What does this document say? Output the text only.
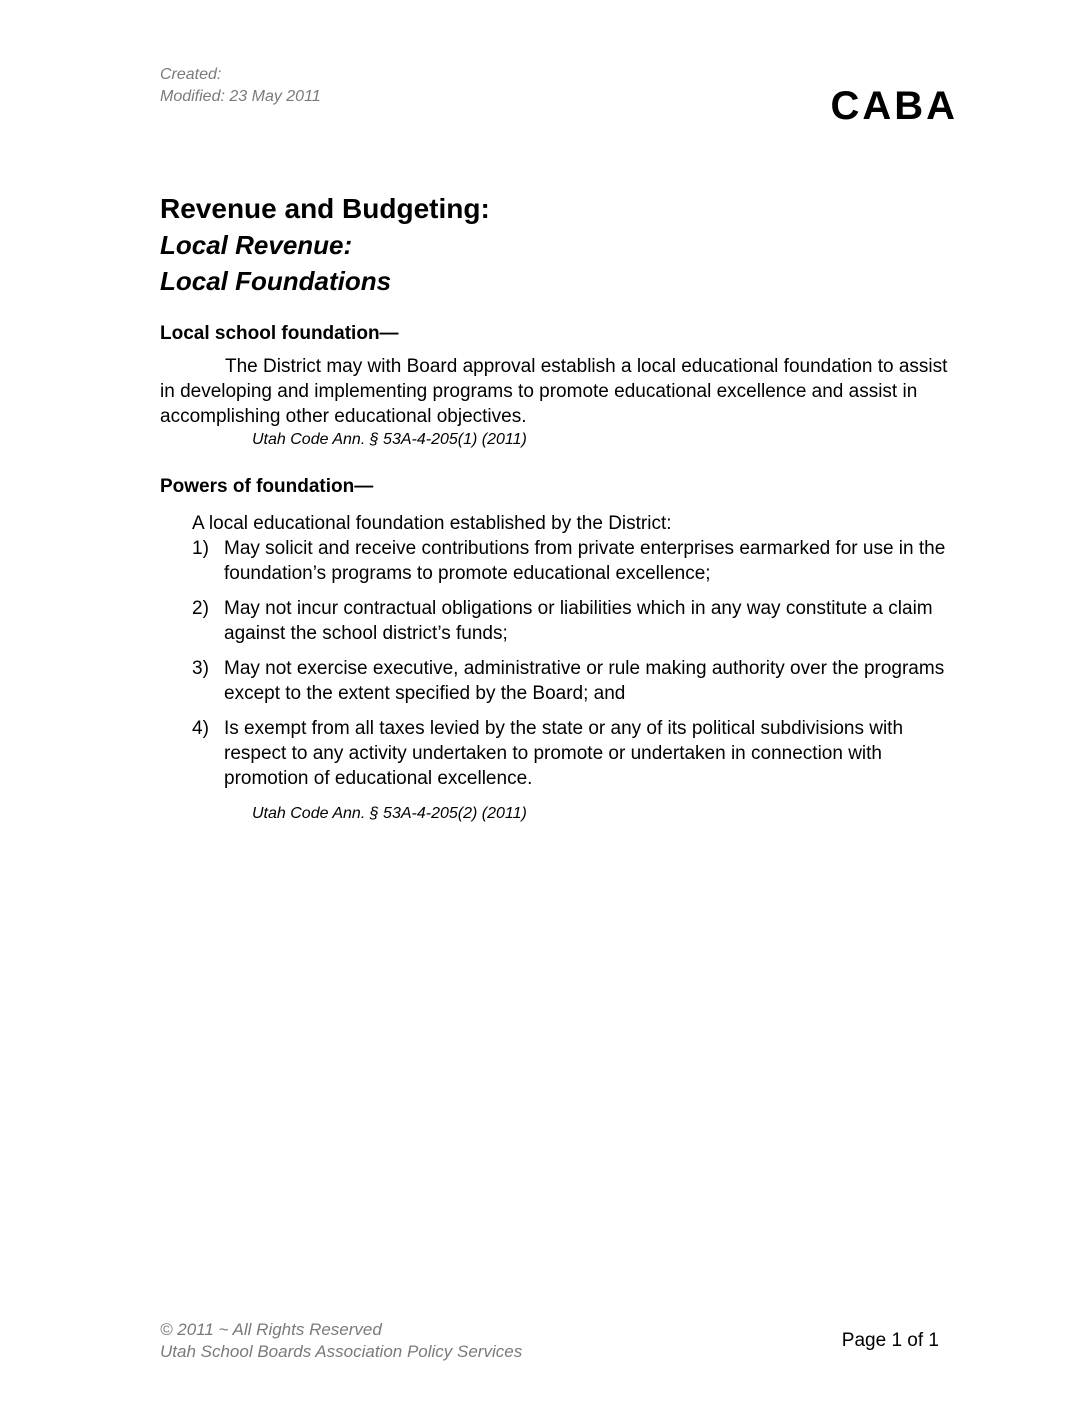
Created:
Modified: 23 May 2011	CABA
Revenue and Budgeting:
Local Revenue:
Local Foundations
Local school foundation—
The District may with Board approval establish a local educational foundation to assist in developing and implementing programs to promote educational excellence and assist in accomplishing other educational objectives.
Utah Code Ann. § 53A-4-205(1) (2011)
Powers of foundation—
A local educational foundation established by the District:
1) May solicit and receive contributions from private enterprises earmarked for use in the foundation’s programs to promote educational excellence;
2) May not incur contractual obligations or liabilities which in any way constitute a claim against the school district’s funds;
3) May not exercise executive, administrative or rule making authority over the programs except to the extent specified by the Board; and
4) Is exempt from all taxes levied by the state or any of its political subdivisions with respect to any activity undertaken to promote or undertaken in connection with promotion of educational excellence.
Utah Code Ann. § 53A-4-205(2) (2011)
© 2011 ~ All Rights Reserved
Utah School Boards Association Policy Services
Page 1 of 1
